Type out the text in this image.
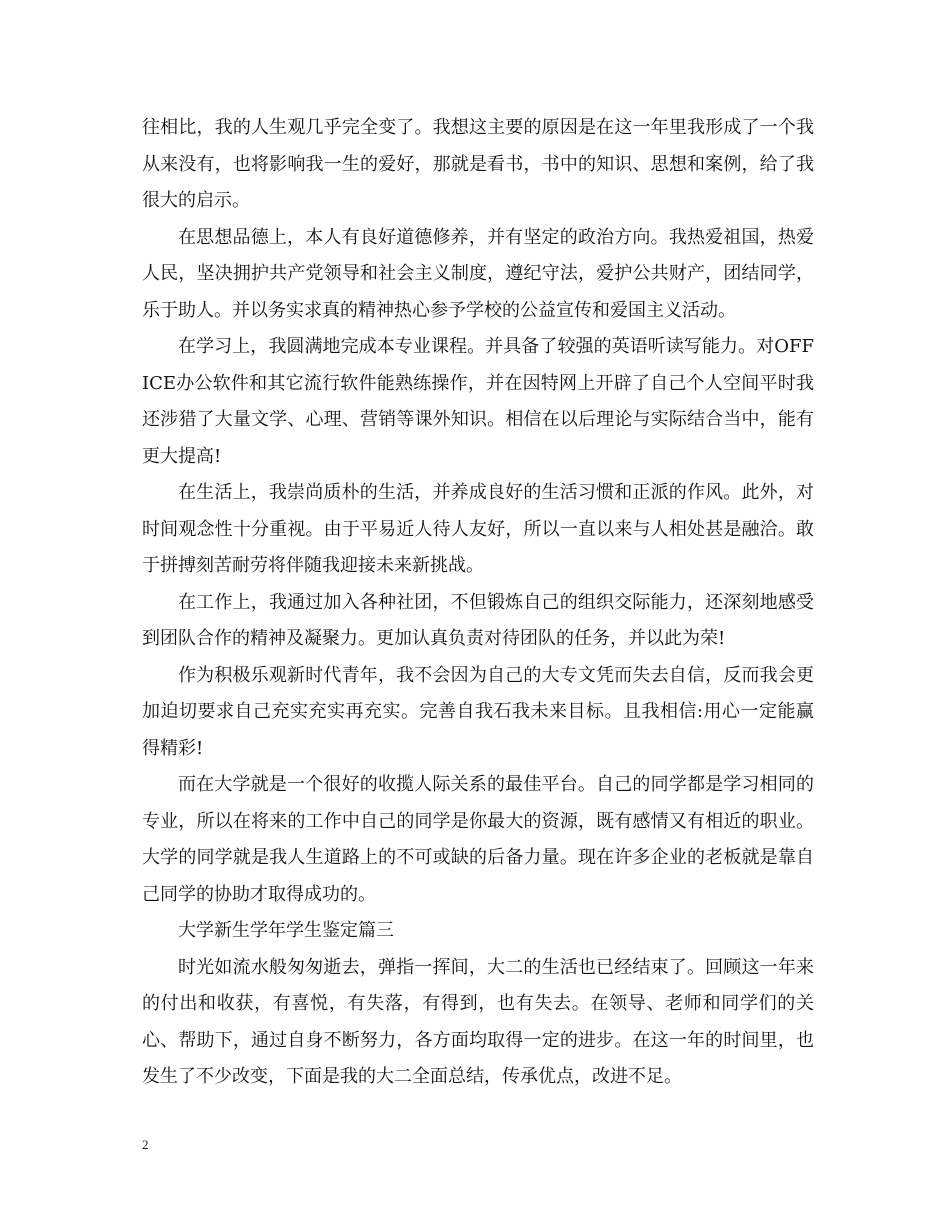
往相比，我的人生观几乎完全变了。我想这主要的原因是在这一年里我形成了一个我从来没有，也将影响我一生的爱好，那就是看书，书中的知识、思想和案例，给了我很大的启示。

在思想品德上，本人有良好道德修养，并有坚定的政治方向。我热爱祖国，热爱人民，坚决拥护共产党领导和社会主义制度，遵纪守法，爱护公共财产，团结同学，乐于助人。并以务实求真的精神热心参予学校的公益宣传和爱国主义活动。

在学习上，我圆满地完成本专业课程。并具备了较强的英语听读写能力。对OFFICE办公软件和其它流行软件能熟练操作，并在因特网上开辟了自己个人空间平时我还涉猎了大量文学、心理、营销等课外知识。相信在以后理论与实际结合当中，能有更大提高!

在生活上，我崇尚质朴的生活，并养成良好的生活习惯和正派的作风。此外，对时间观念性十分重视。由于平易近人待人友好，所以一直以来与人相处甚是融洽。敢于拼搏刻苦耐劳将伴随我迎接未来新挑战。

在工作上，我通过加入各种社团，不但锻炼自己的组织交际能力，还深刻地感受到团队合作的精神及凝聚力。更加认真负责对待团队的任务，并以此为荣!

作为积极乐观新时代青年，我不会因为自己的大专文凭而失去自信，反而我会更加迫切要求自己充实充实再充实。完善自我石我未来目标。且我相信:用心一定能赢得精彩!

而在大学就是一个很好的收揽人际关系的最佳平台。自己的同学都是学习相同的专业，所以在将来的工作中自己的同学是你最大的资源，既有感情又有相近的职业。大学的同学就是我人生道路上的不可或缺的后备力量。现在许多企业的老板就是靠自己同学的协助才取得成功的。

大学新生学年学生鉴定篇三

时光如流水般匆匆逝去，弹指一挥间，大二的生活也已经结束了。回顾这一年来的付出和收获，有喜悦，有失落，有得到，也有失去。在领导、老师和同学们的关心、帮助下，通过自身不断努力，各方面均取得一定的进步。在这一年的时间里，也发生了不少改变，下面是我的大二全面总结，传承优点，改进不足。

2
